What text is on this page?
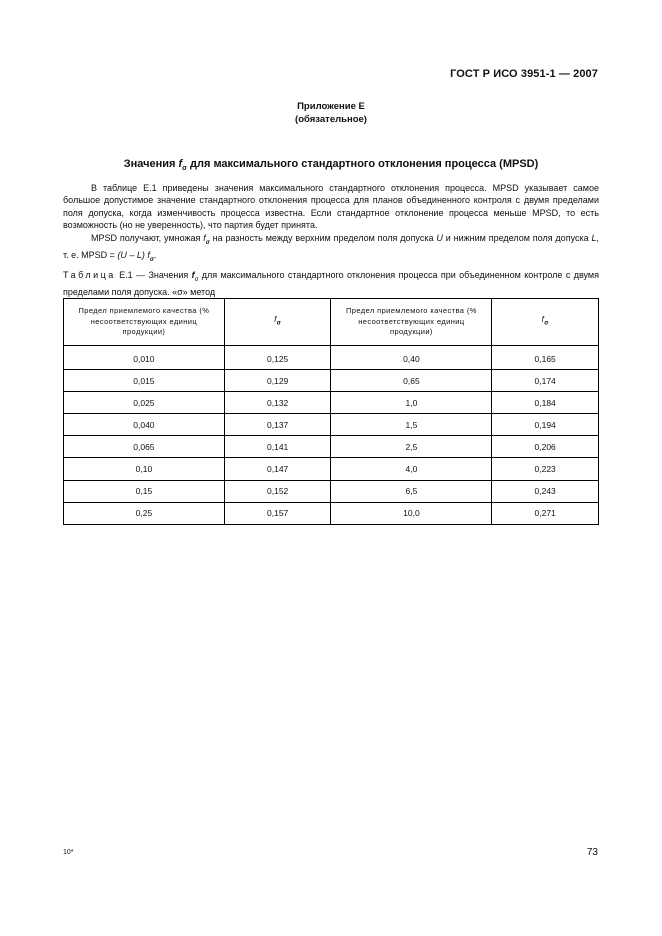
ГОСТ Р ИСО 3951-1 — 2007
Приложение Е
(обязательное)
Значения $f_\sigma$ для максимального стандартного отклонения процесса (MPSD)
В таблице Е.1 приведены значения максимального стандартного отклонения процесса. MPSD указывает самое большое допустимое значение стандартного отклонения процесса для планов объединенного контроля с двумя пределами поля допуска, когда изменчивость процесса известна. Если стандартное отклонение процесса меньше MPSD, то есть возможность (но не уверенность), что партия будет принята.
MPSD получают, умножая $f_\sigma$ на разность между верхним пределом поля допуска U и нижним пределом поля допуска L, т. е. MPSD = (U – L) $f_\sigma$.
Таблица Е.1 — Значения $f_\sigma$ для максимального стандартного отклонения процесса при объединенном контроле с двумя пределами поля допуска. «σ» метод
Предел приемлемого качества (% несоответствующих единиц продукции)	$f_\sigma$	Предел приемлемого качества (% несоответствующих единиц продукции)	$f_\sigma$
0,010	0,125	0,40	0,165
0,015	0,129	0,65	0,174
0,025	0,132	1,0	0,184
0,040	0,137	1,5	0,194
0,065	0,141	2,5	0,206
0,10	0,147	4,0	0,223
0,15	0,152	6,5	0,243
0,25	0,157	10,0	0,271
10*	73
